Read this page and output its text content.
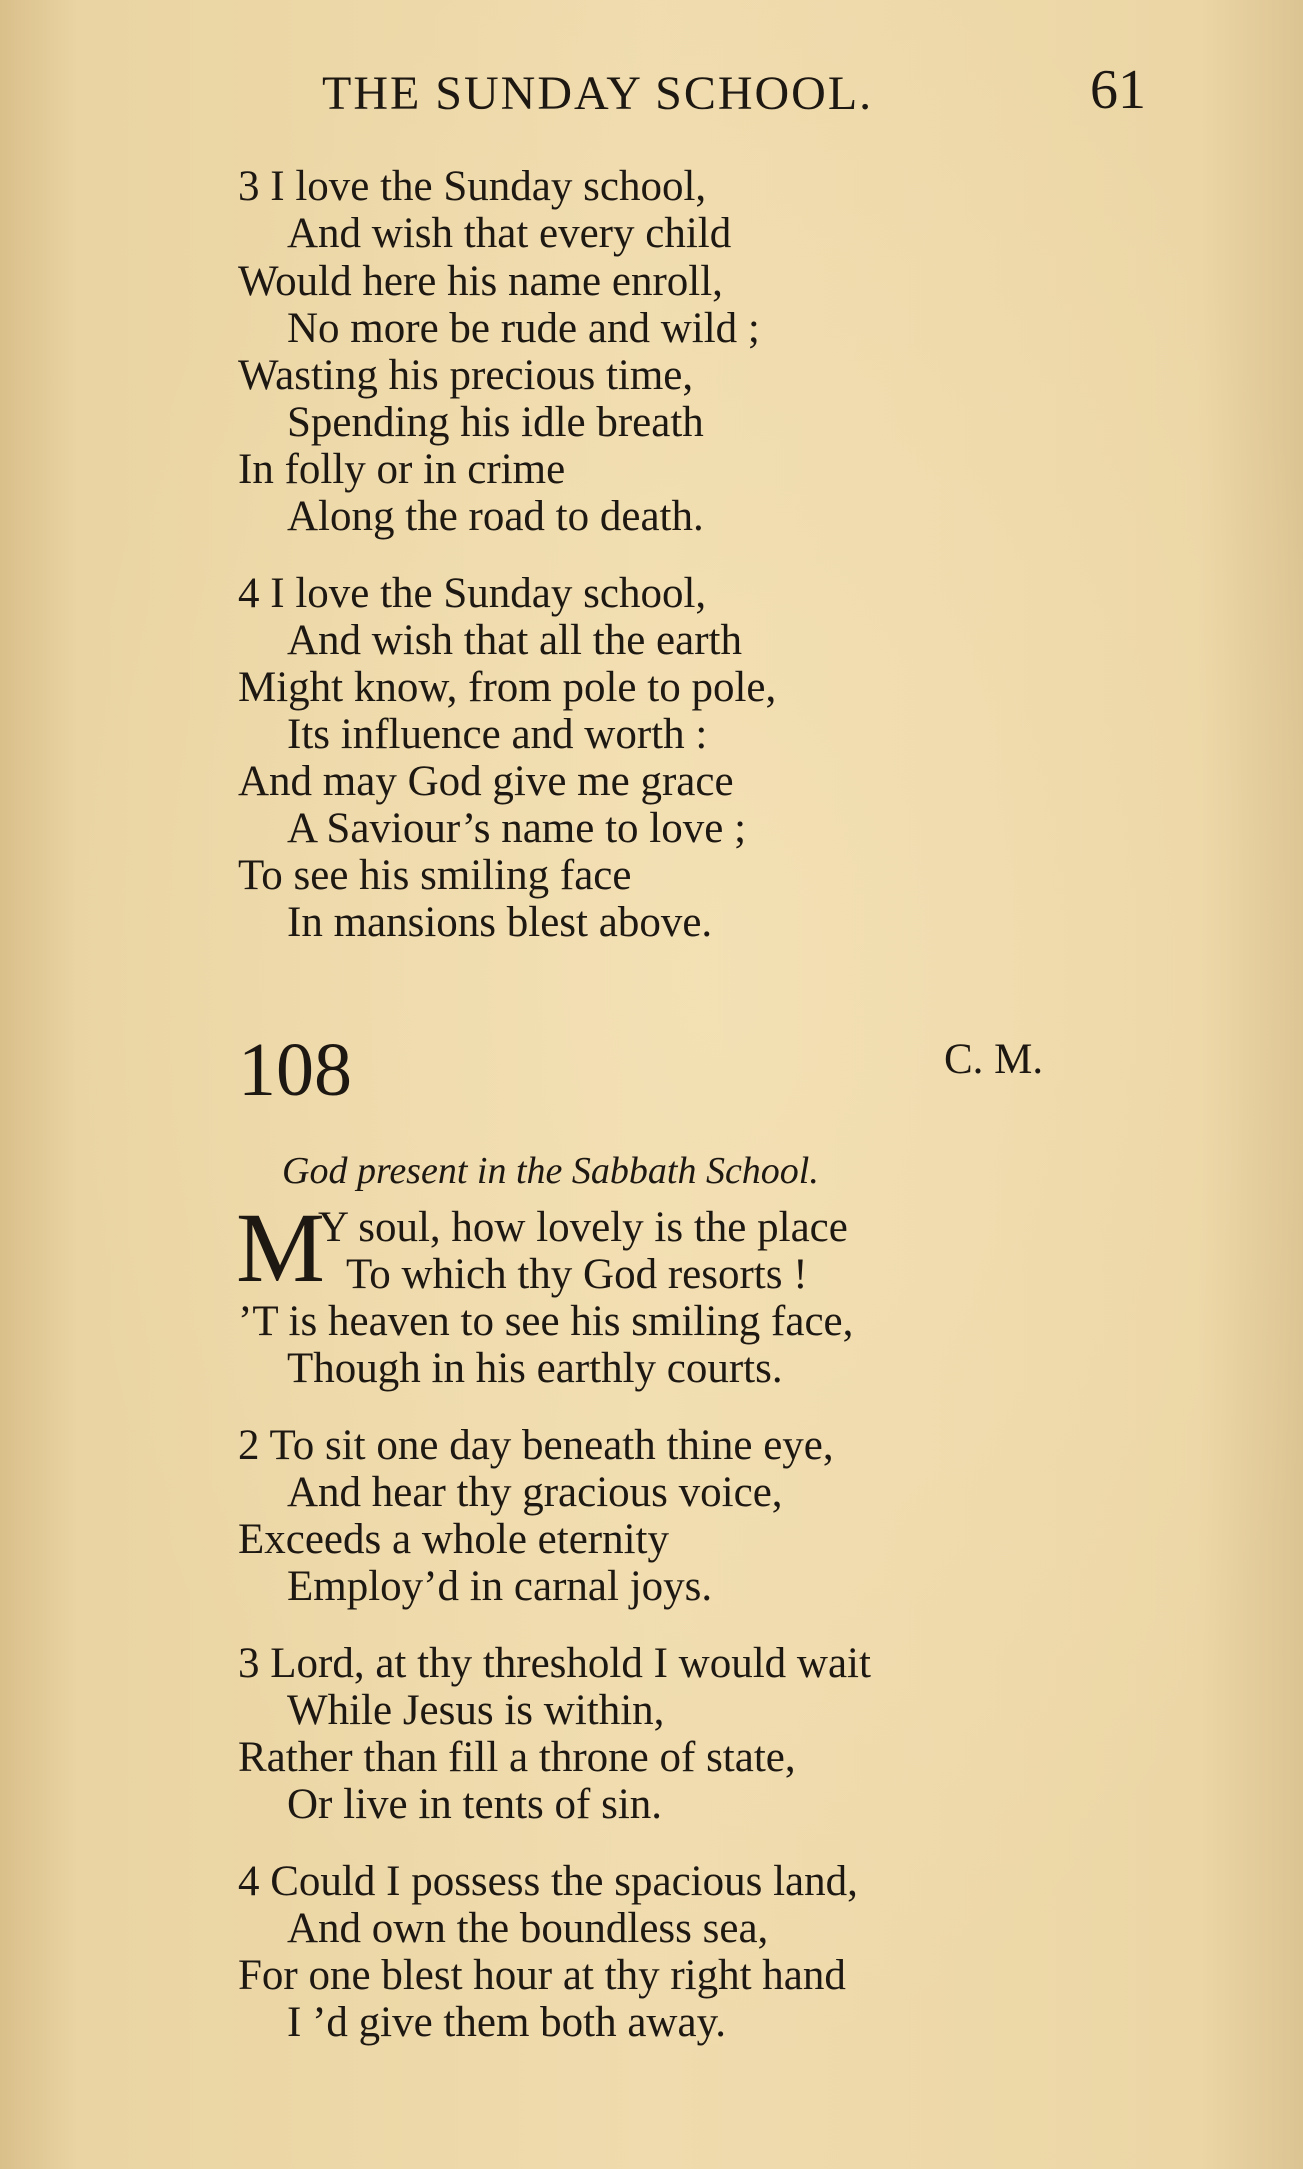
THE SUNDAY SCHOOL.	61
3 I love the Sunday school,
And wish that every child
Would here his name enroll,
No more be rude and wild ;
Wasting his precious time,
Spending his idle breath
In folly or in crime
Along the road to death.
4 I love the Sunday school,
And wish that all the earth
Might know, from pole to pole,
Its influence and worth :
And may God give me grace
A Saviour’s name to love ;
To see his smiling face
In mansions blest above.
108	C. M.
God present in the Sabbath School.
M
Y soul, how lovely is the place
To which thy God resorts !
’T is heaven to see his smiling face,
Though in his earthly courts.
2 To sit one day beneath thine eye,
And hear thy gracious voice,
Exceeds a whole eternity
Employ’d in carnal joys.
3 Lord, at thy threshold I would wait
While Jesus is within,
Rather than fill a throne of state,
Or live in tents of sin.
4 Could I possess the spacious land,
And own the boundless sea,
For one blest hour at thy right hand
I ’d give them both away.
